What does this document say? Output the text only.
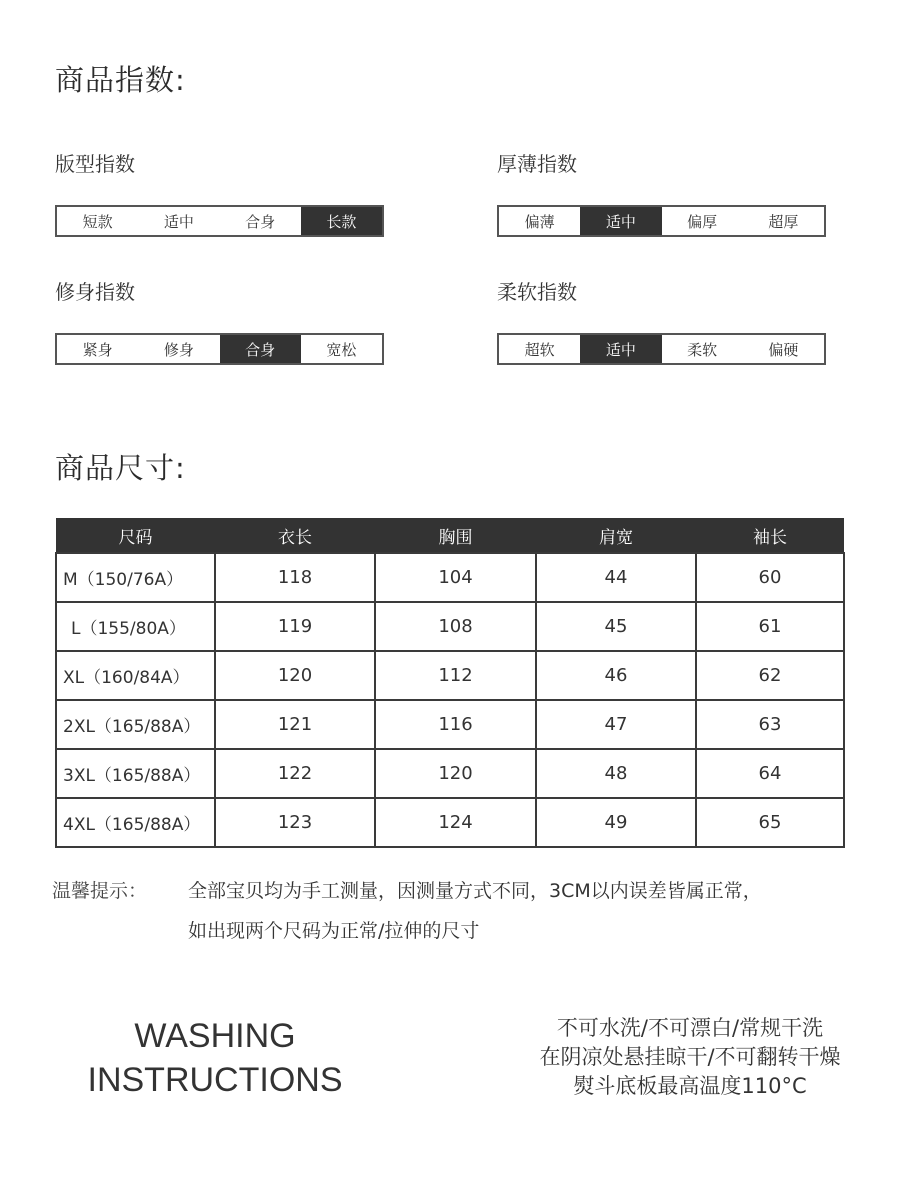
商品指数:
版型指数
短款	适中	合身	长款
厚薄指数
偏薄	适中	偏厚	超厚
修身指数
紧身	修身	合身	宽松
柔软指数
超软	适中	柔软	偏硬
商品尺寸:
尺码	衣长	胸围	肩宽	袖长
M（150/76A）	118	104	44	60
L（155/80A）	119	108	45	61
XL（160/84A）	120	112	46	62
2XL（165/88A）	121	116	47	63
3XL（165/88A）	122	120	48	64
4XL（165/88A）	123	124	49	65
温馨提示： 全部宝贝均为手工测量，因测量方式不同，3CM以内误差皆属正常，
如出现两个尺码为正常/拉伸的尺寸
WASHING
INSTRUCTIONS
不可水洗/不可漂白/常规干洗
在阴凉处悬挂晾干/不可翻转干燥
熨斗底板最高温度110°C
